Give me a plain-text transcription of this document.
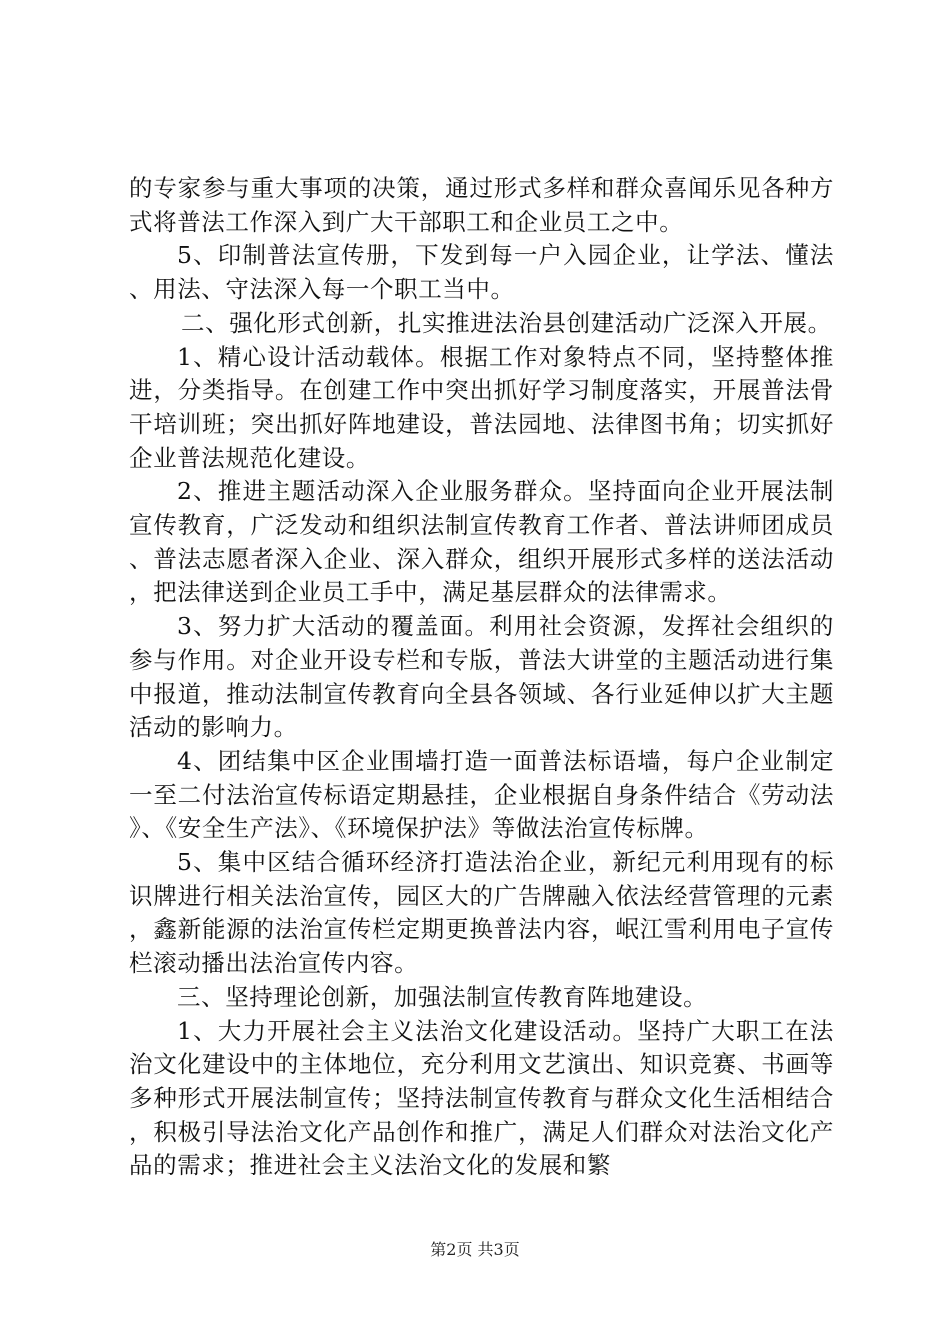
的专家参与重大事项的决策，通过形式多样和群众喜闻乐见各种方式将普法工作深入到广大干部职工和企业员工之中。

5、印制普法宣传册，下发到每一户入园企业，让学法、懂法、用法、守法深入每一个职工当中。

二、强化形式创新，扎实推进法治县创建活动广泛深入开展。

1、精心设计活动载体。根据工作对象特点不同，坚持整体推进，分类指导。在创建工作中突出抓好学习制度落实，开展普法骨干培训班；突出抓好阵地建设，普法园地、法律图书角；切实抓好企业普法规范化建设。

2、推进主题活动深入企业服务群众。坚持面向企业开展法制宣传教育，广泛发动和组织法制宣传教育工作者、普法讲师团成员、普法志愿者深入企业、深入群众，组织开展形式多样的送法活动，把法律送到企业员工手中，满足基层群众的法律需求。

3、努力扩大活动的覆盖面。利用社会资源，发挥社会组织的参与作用。对企业开设专栏和专版，普法大讲堂的主题活动进行集中报道，推动法制宣传教育向全县各领域、各行业延伸以扩大主题活动的影响力。

4、团结集中区企业围墙打造一面普法标语墙，每户企业制定一至二付法治宣传标语定期悬挂，企业根据自身条件结合《劳动法》、《安全生产法》、《环境保护法》等做法治宣传标牌。

5、集中区结合循环经济打造法治企业，新纪元利用现有的标识牌进行相关法治宣传，园区大的广告牌融入依法经营管理的元素，鑫新能源的法治宣传栏定期更换普法内容，岷江雪利用电子宣传栏滚动播出法治宣传内容。

三、坚持理论创新，加强法制宣传教育阵地建设。

1、大力开展社会主义法治文化建设活动。坚持广大职工在法治文化建设中的主体地位，充分利用文艺演出、知识竞赛、书画等多种形式开展法制宣传；坚持法制宣传教育与群众文化生活相结合，积极引导法治文化产品创作和推广，满足人们群众对法治文化产品的需求；推进社会主义法治文化的发展和繁

第2页 共3页
